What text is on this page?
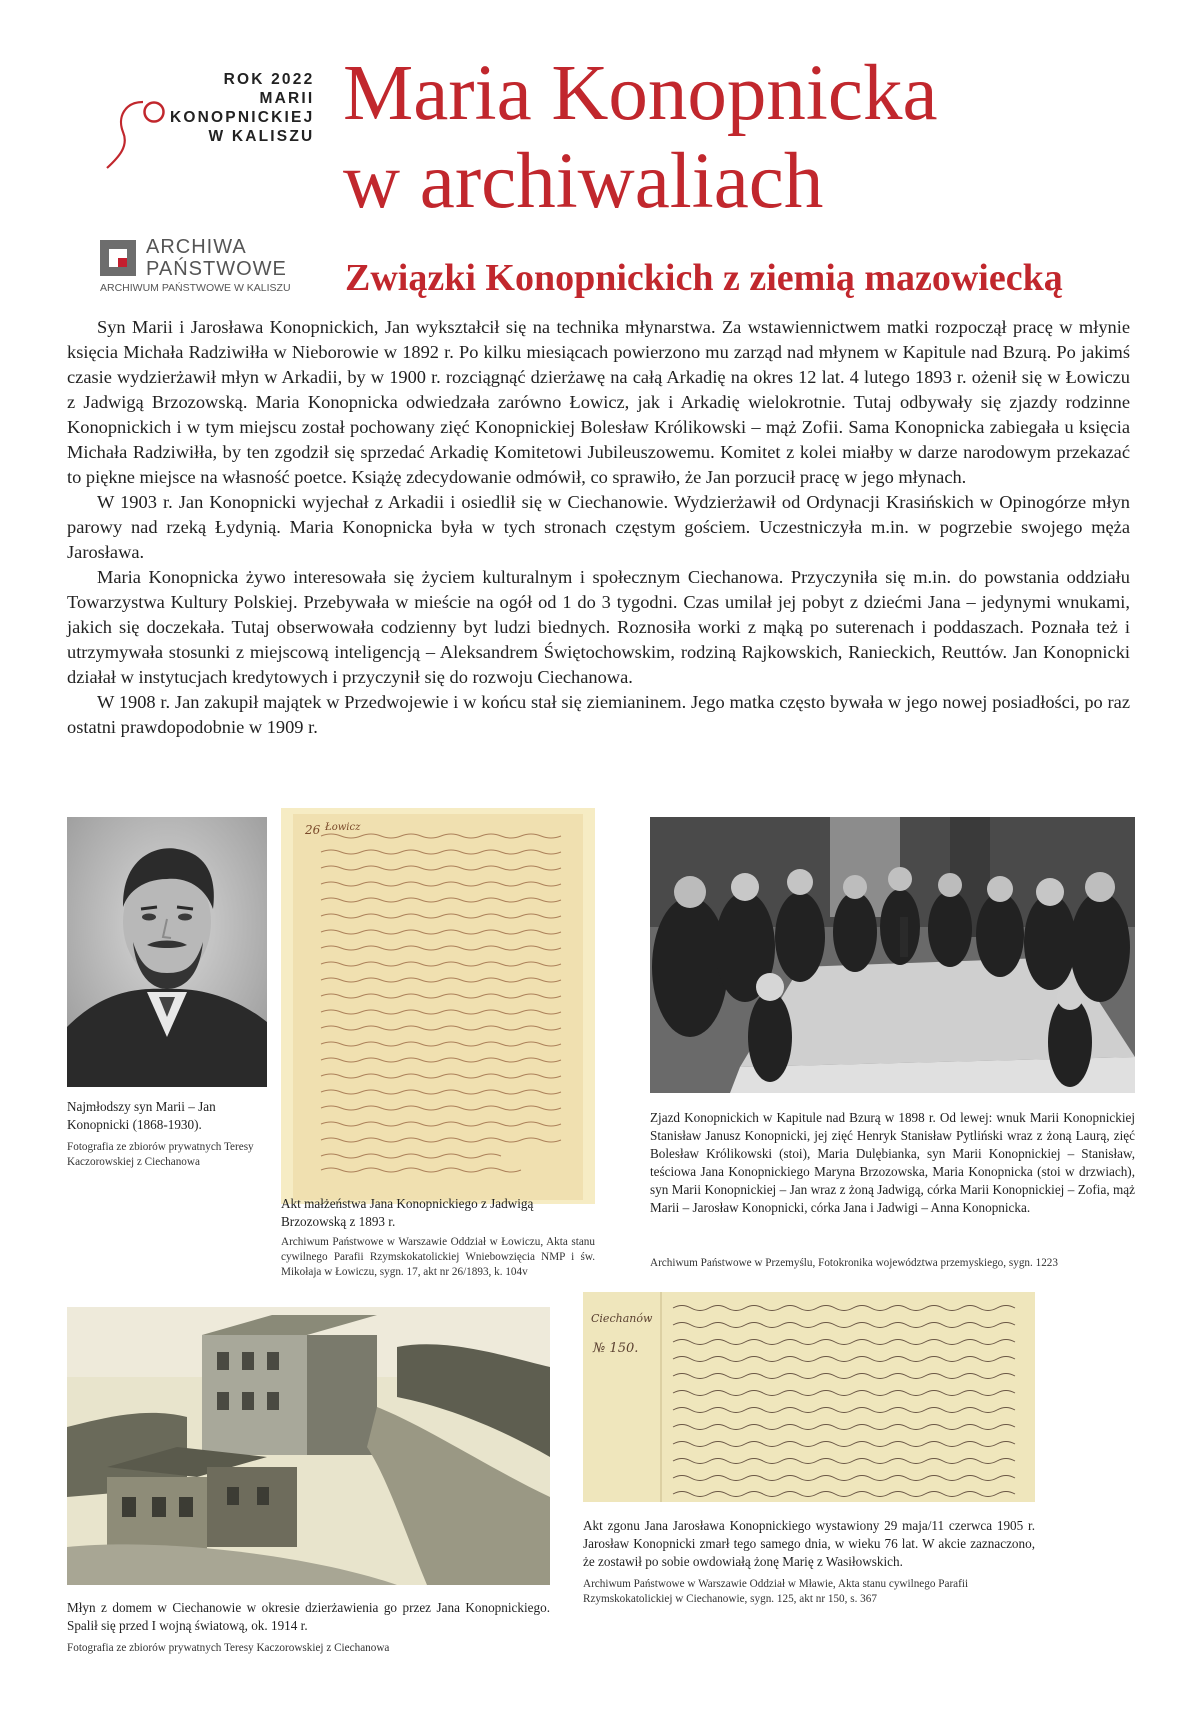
ROK 2022
MARII
KONOPNICKIEJ
W KALISZU
ARCHIWA
PAŃSTWOWE
ARCHIWUM PAŃSTWOWE W KALISZU
Maria Konopnicka
w archiwaliach
Związki Konopnickich z ziemią mazowiecką

Syn Marii i Jarosława Konopnickich, Jan wykształcił się na technika młynarstwa. Za wstawiennictwem matki rozpoczął pracę w młynie księcia Michała Radziwiłła w Nieborowie w 1892 r. Po kilku miesiącach powierzono mu zarząd nad młynem w Kapitule nad Bzurą. Po jakimś czasie wydzierżawił młyn w Arkadii, by w 1900 r. rozciągnąć dzierżawę na całą Arkadię na okres 12 lat. 4 lutego 1893 r. ożenił się w Łowiczu z Jadwigą Brzozowską. Maria Konopnicka odwiedzała zarówno Łowicz, jak i Arkadię wielokrotnie. Tutaj odbywały się zjazdy rodzinne Konopnickich i w tym miejscu został pochowany zięć Konopnickiej Bolesław Królikowski – mąż Zofii. Sama Konopnicka zabiegała u księcia Michała Radziwiłła, by ten zgodził się sprzedać Arkadię Komitetowi Jubileuszowemu. Komitet z kolei miałby w darze narodowym przekazać to piękne miejsce na własność poetce. Książę zdecydowanie odmówił, co sprawiło, że Jan porzucił pracę w jego młynach.

W 1903 r. Jan Konopnicki wyjechał z Arkadii i osiedlił się w Ciechanowie. Wydzierżawił od Ordynacji Krasińskich w Opinogórze młyn parowy nad rzeką Łydynią. Maria Konopnicka była w tych stronach częstym gościem. Uczestniczyła m.in. w pogrzebie swojego męża Jarosława.

Maria Konopnicka żywo interesowała się życiem kulturalnym i społecznym Ciechanowa. Przyczyniła się m.in. do powstania oddziału Towarzystwa Kultury Polskiej. Przebywała w mieście na ogół od 1 do 3 tygodni. Czas umilał jej pobyt z dziećmi Jana – jedynymi wnukami, jakich się doczekała. Tutaj obserwowała codzienny byt ludzi biednych. Roznosiła worki z mąką po suterenach i poddaszach. Poznała też i utrzymywała stosunki z miejscową inteligencją – Aleksandrem Świętochowskim, rodziną Rajkowskich, Ranieckich, Reuttów. Jan Konopnicki działał w instytucjach kredytowych i przyczynił się do rozwoju Ciechanowa.

W 1908 r. Jan zakupił majątek w Przedwojewie i w końcu stał się ziemianinem. Jego matka często bywała w jego nowej posiadłości, po raz ostatni prawdopodobnie w 1909 r.

Najmłodszy syn Marii – Jan Konopnicki (1868-1930).
Fotografia ze zbiorów prywatnych Teresy Kaczorowskiej z Ciechanowa
26 Łowicz
Akt małżeństwa Jana Konopnickiego z Jadwigą Brzozowską z 1893 r.
Archiwum Państwowe w Warszawie Oddział w Łowiczu, Akta stanu cywilnego Parafii Rzymskokatolickiej Wniebowzięcia NMP i św. Mikołaja w Łowiczu, sygn. 17, akt nr 26/1893, k. 104v
Zjazd Konopnickich w Kapitule nad Bzurą w 1898 r. Od lewej: wnuk Marii Konopnickiej Stanisław Janusz Konopnicki, jej zięć Henryk Stanisław Pytliński wraz z żoną Laurą, zięć Bolesław Królikowski (stoi), Maria Dulębianka, syn Marii Konopnickiej – Stanisław, teściowa Jana Konopnickiego Maryna Brzozowska, Maria Konopnicka (stoi w drzwiach), syn Marii Konopnickiej – Jan wraz z żoną Jadwigą, córka Marii Konopnickiej – Zofia, mąż Marii – Jarosław Konopnicki, córka Jana i Jadwigi – Anna Konopnicka.
Archiwum Państwowe w Przemyślu, Fotokronika województwa przemyskiego, sygn. 1223
Młyn z domem w Ciechanowie w okresie dzierżawienia go przez Jana Konopnickiego. Spalił się przed I wojną światową, ok. 1914 r.
Fotografia ze zbiorów prywatnych Teresy Kaczorowskiej z Ciechanowa
Ciechanów
№ 150.
Akt zgonu Jana Jarosława Konopnickiego wystawiony 29 maja/11 czerwca 1905 r. Jarosław Konopnicki zmarł tego samego dnia, w wieku 76 lat. W akcie zaznaczono, że zostawił po sobie owdowiałą żonę Marię z Wasiłowskich.
Archiwum Państwowe w Warszawie Oddział w Mławie, Akta stanu cywilnego Parafii Rzymskokatolickiej w Ciechanowie, sygn. 125, akt nr 150, s. 367
